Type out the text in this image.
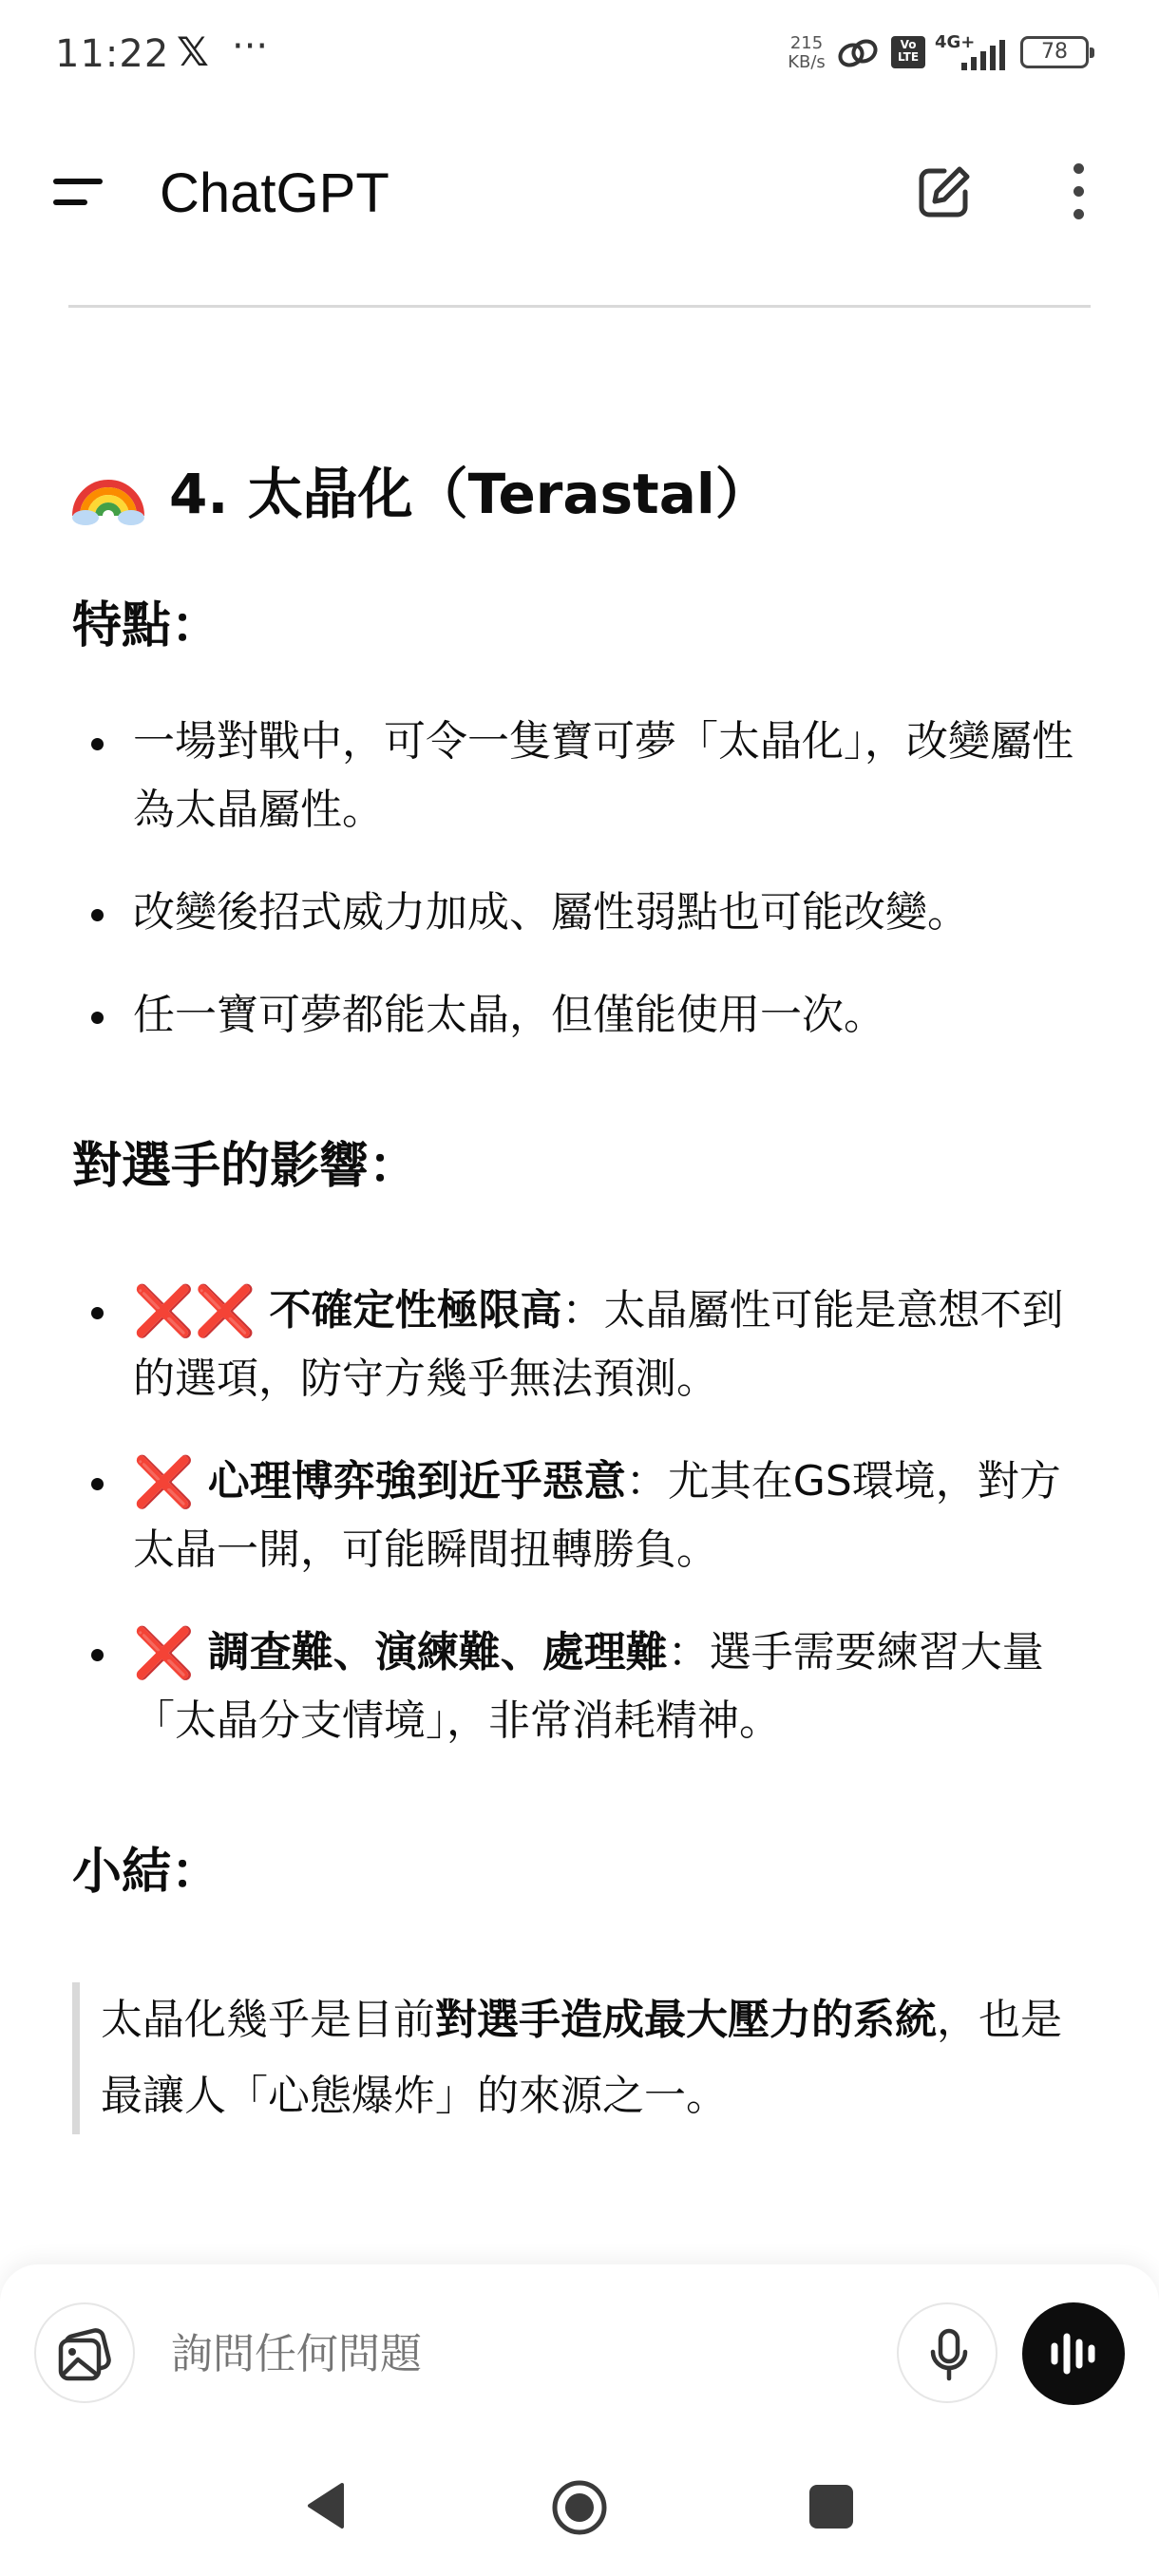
11:22 𝕏 ···	215
KB/s
Vo
LTE
4G+	78
ChatGPT
4. 太晶化（Terastal）
特點：
一場對戰中，可令一隻寶可夢「太晶化」，改變屬性為太晶屬性。
改變後招式威力加成、屬性弱點也可能改變。
任一寶可夢都能太晶，但僅能使用一次。
對選手的影響：
❌❌ 不確定性極限高：太晶屬性可能是意想不到的選項，防守方幾乎無法預測。
❌ 心理博弈強到近乎惡意：尤其在GS環境，對方太晶一開，可能瞬間扭轉勝負。
❌ 調查難、演練難、處理難：選手需要練習大量「太晶分支情境」，非常消耗精神。
小結：
太晶化幾乎是目前對選手造成最大壓力的系統，也是最讓人「心態爆炸」的來源之一。
詢問任何問題
